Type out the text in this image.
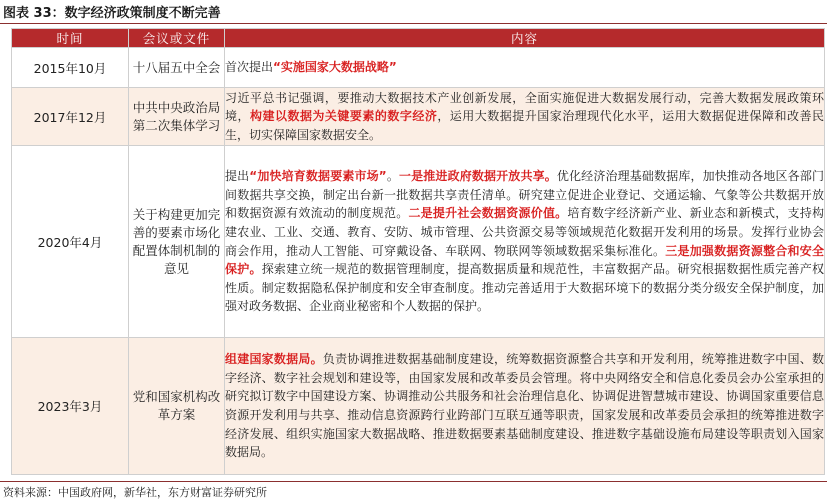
图表 33：数字经济政策制度不断完善
时间	会议或文件	内容
2015年10月	十八届五中全会	首次提出“实施国家大数据战略”
2017年12月	中共中央政治局第二次集体学习	习近平总书记强调，要推动大数据技术产业创新发展，全面实施促进大数据发展行动，完善大数据发展政策环境，构建以数据为关键要素的数字经济，运用大数据提升国家治理现代化水平，运用大数据促进保障和改善民生，切实保障国家数据安全。
2020年4月	关于构建更加完善的要素市场化配置体制机制的意见	提出“加快培育数据要素市场”。一是推进政府数据开放共享。优化经济治理基础数据库，加快推动各地区各部门间数据共享交换，制定出台新一批数据共享责任清单。研究建立促进企业登记、交通运输、气象等公共数据开放和数据资源有效流动的制度规范。二是提升社会数据资源价值。培育数字经济新产业、新业态和新模式，支持构建农业、工业、交通、教育、安防、城市管理、公共资源交易等领域规范化数据开发利用的场景。发挥行业协会商会作用，推动人工智能、可穿戴设备、车联网、物联网等领域数据采集标准化。三是加强数据资源整合和安全保护。探索建立统一规范的数据管理制度，提高数据质量和规范性，丰富数据产品。研究根据数据性质完善产权性质。制定数据隐私保护制度和安全审查制度。推动完善适用于大数据环境下的数据分类分级安全保护制度，加强对政务数据、企业商业秘密和个人数据的保护。
2023年3月	党和国家机构改革方案	组建国家数据局。负责协调推进数据基础制度建设，统筹数据资源整合共享和开发利用，统筹推进数字中国、数字经济、数字社会规划和建设等，由国家发展和改革委员会管理。将中央网络安全和信息化委员会办公室承担的研究拟订数字中国建设方案、协调推动公共服务和社会治理信息化、协调促进智慧城市建设、协调国家重要信息资源开发利用与共享、推动信息资源跨行业跨部门互联互通等职责，国家发展和改革委员会承担的统筹推进数字经济发展、组织实施国家大数据战略、推进数据要素基础制度建设、推进数字基础设施布局建设等职责划入国家数据局。
资料来源：中国政府网，新华社，东方财富证券研究所
